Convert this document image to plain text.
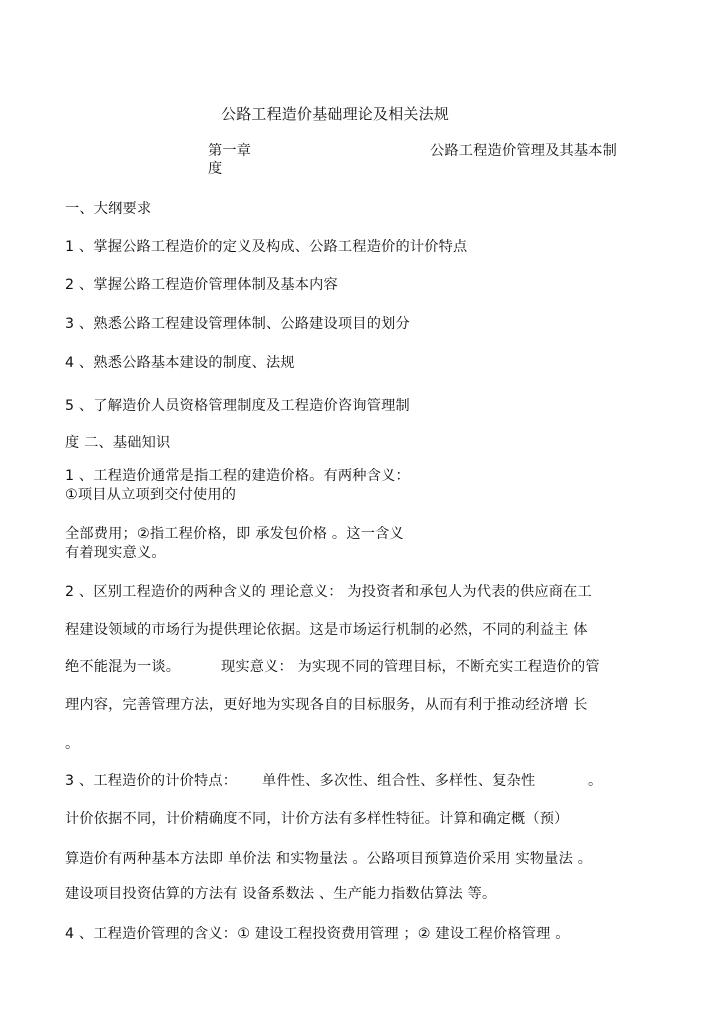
公路工程造价基础理论及相关法规
第一章	公路工程造价管理及其基本制
度
一、大纲要求
1 、掌握公路工程造价的定义及构成、公路工程造价的计价特点
2 、掌握公路工程造价管理体制及基本内容
3 、熟悉公路工程建设管理体制、公路建设项目的划分
4 、熟悉公路基本建设的制度、法规
5 、了解造价人员资格管理制度及工程造价咨询管理制
度 二、基础知识
1 、工程造价通常是指工程的建造价格。有两种含义：
①项目从立项到交付使用的
全部费用；②指工程价格，即 承发包价格 。这一含义
有着现实意义。
2 、区别工程造价的两种含义的 理论意义： 为投资者和承包人为代表的供应商在工
程建设领域的市场行为提供理论依据。这是市场运行机制的必然，不同的利益主 体
绝不能混为一谈。	现实意义： 为实现不同的管理目标，不断充实工程造价的管
理内容，完善管理方法，更好地为实现各自的目标服务，从而有利于推动经济增 长
。
3 、工程造价的计价特点： 单件性、多次性、组合性、多样性、复杂性	。
计价依据不同，计价精确度不同，计价方法有多样性特征。计算和确定概（预）
算造价有两种基本方法即 单价法 和实物量法 。公路项目预算造价采用 实物量法 。
建设项目投资估算的方法有 设备系数法 、生产能力指数估算法 等。
4 、工程造价管理的含义：① 建设工程投资费用管理 ；② 建设工程价格管理 。
